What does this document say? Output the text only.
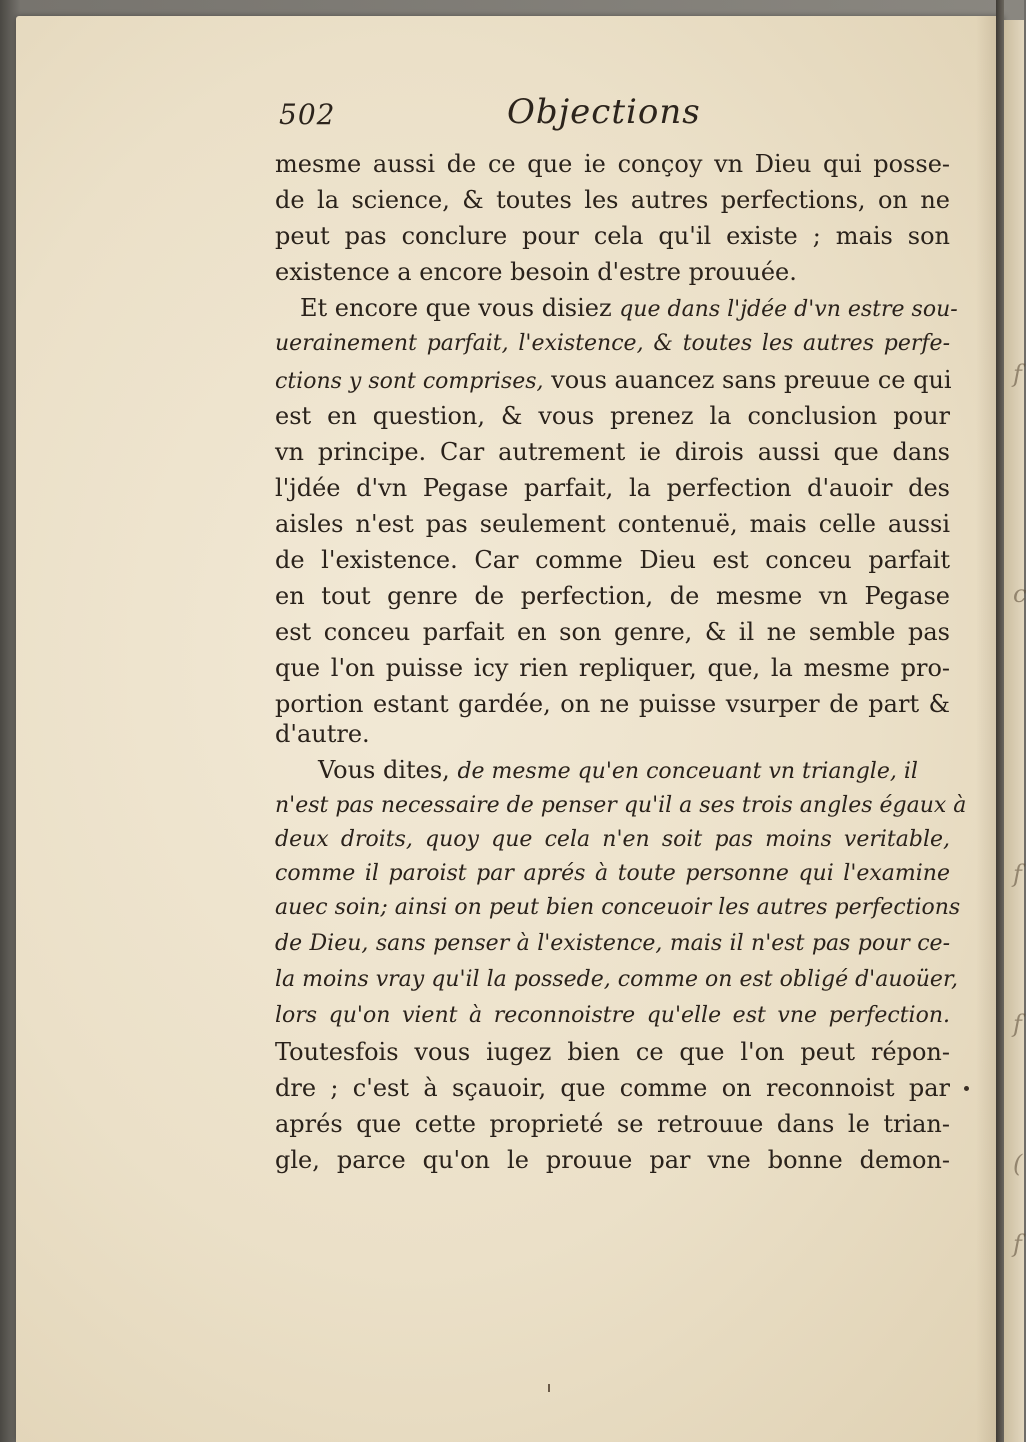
f
c
f
f
(
f
502	Objections
mesme aussi de ce que ie conçoy vn Dieu qui posse-
de la science, & toutes les autres perfections, on ne
peut pas conclure pour cela qu'il existe ; mais son
existence a encore besoin d'estre prouuée.
Et encore que vous disiez que dans l'jdée d'vn estre sou-
uerainement parfait, l'existence, & toutes les autres perfe-
ctions y sont comprises, vous auancez sans preuue ce qui
est en question, & vous prenez la conclusion pour
vn principe. Car autrement ie dirois aussi que dans
l'jdée d'vn Pegase parfait, la perfection d'auoir des
aisles n'est pas seulement contenuë, mais celle aussi
de l'existence. Car comme Dieu est conceu parfait
en tout genre de perfection, de mesme vn Pegase
est conceu parfait en son genre, & il ne semble pas
que l'on puisse icy rien repliquer, que, la mesme pro-
portion estant gardée, on ne puisse vsurper de part &
d'autre.
Vous dites, de mesme qu'en conceuant vn triangle, il
n'est pas necessaire de penser qu'il a ses trois angles égaux à
deux droits, quoy que cela n'en soit pas moins veritable,
comme il paroist par aprés à toute personne qui l'examine
auec soin; ainsi on peut bien conceuoir les autres perfections
de Dieu, sans penser à l'existence, mais il n'est pas pour ce-
la moins vray qu'il la possede, comme on est obligé d'auoüer,
lors qu'on vient à reconnoistre qu'elle est vne perfection.
Toutesfois vous iugez bien ce que l'on peut répon-
dre ; c'est à sçauoir, que comme on reconnoist par
aprés que cette proprieté se retrouue dans le trian-
gle, parce qu'on le prouue par vne bonne demon-
